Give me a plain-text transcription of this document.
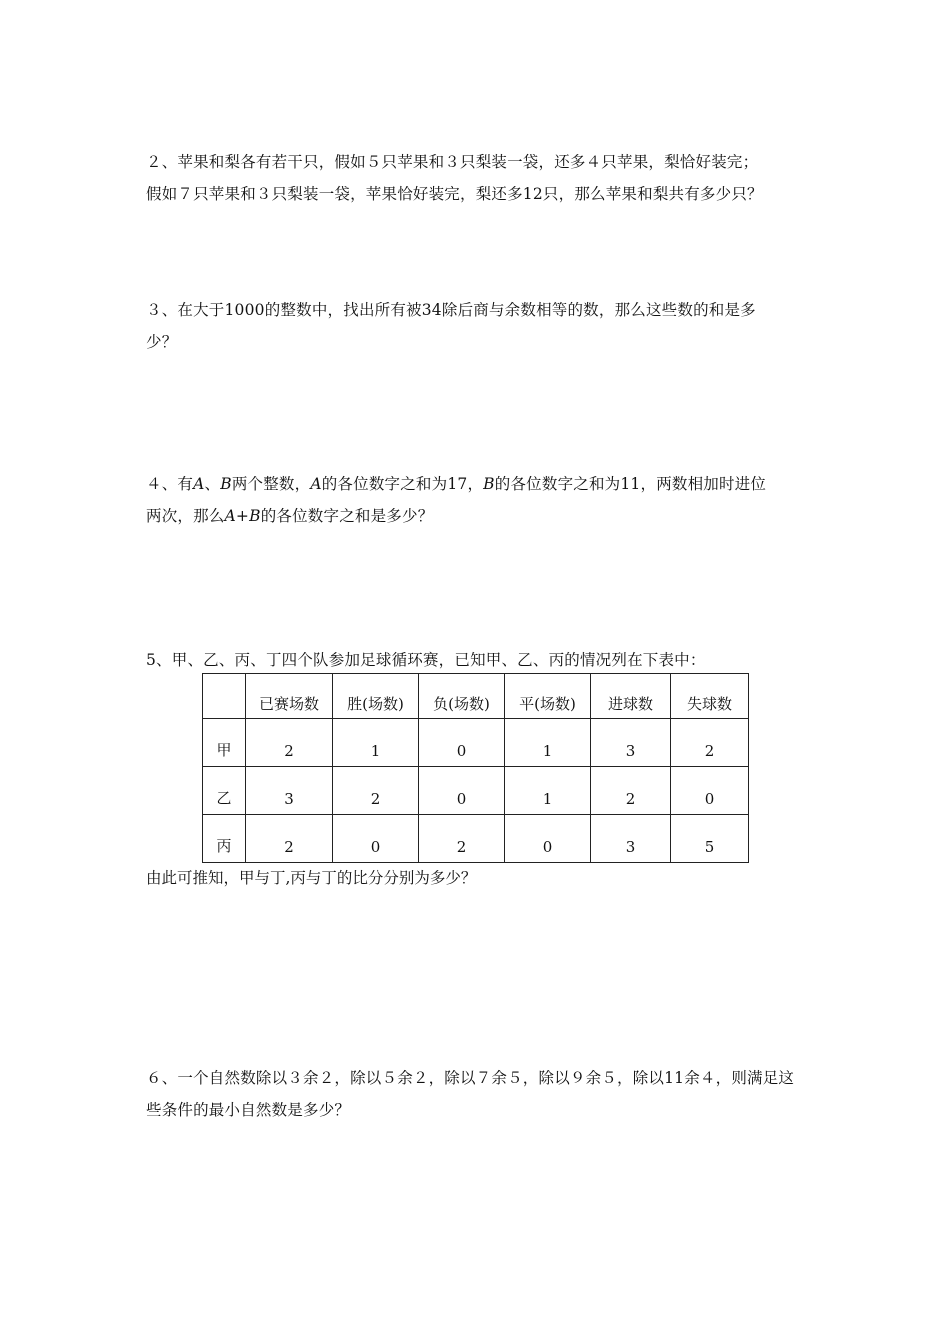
２、苹果和梨各有若干只，假如５只苹果和３只梨装一袋，还多４只苹果，梨恰好装完；

假如７只苹果和３只梨装一袋，苹果恰好装完，梨还多12只，那么苹果和梨共有多少只？

３、在大于1000的整数中，找出所有被34除后商与余数相等的数，那么这些数的和是多

少？

４、有A、B两个整数，A的各位数字之和为17，B的各位数字之和为11，两数相加时进位

两次，那么A+B的各位数字之和是多少？

5、甲、乙、丙、丁四个队参加足球循环赛，已知甲、乙、丙的情况列在下表中：

	已赛场数	胜(场数)	负(场数)	平(场数)	进球数	失球数
甲	2	1	0	1	3	2
乙	3	2	0	1	2	0
丙	2	0	2	0	3	5

由此可推知，甲与丁,丙与丁的比分分别为多少？

６、一个自然数除以３余２，除以５余２，除以７余５，除以９余５，除以11余４，则满足这

些条件的最小自然数是多少？
